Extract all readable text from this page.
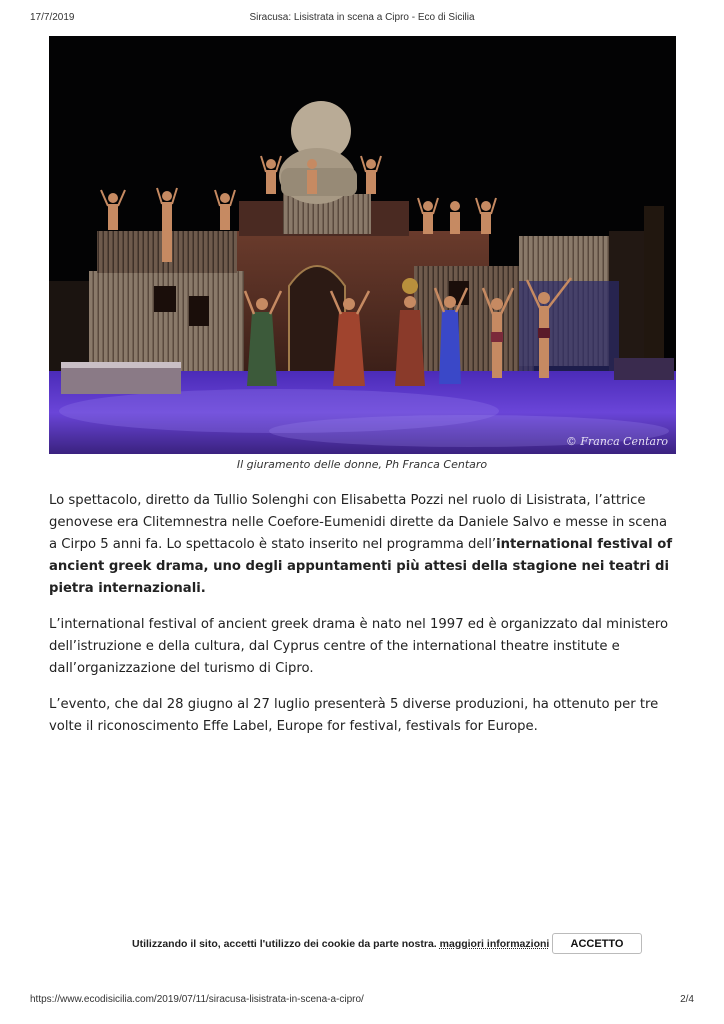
17/7/2019	Siracusa: Lisistrata in scena a Cipro - Eco di Sicilia
© Franca Centaro
Il giuramento delle donne, Ph Franca Centaro

Lo spettacolo, diretto da Tullio Solenghi con Elisabetta Pozzi nel ruolo di Lisistrata, l’attrice genovese era Clitemnestra nelle Coefore-Eumenidi dirette da Daniele Salvo e messe in scena a Cirpo 5 anni fa. Lo spettacolo è stato inserito nel programma dell’international festival of ancient greek drama, uno degli appuntamenti più attesi della stagione nei teatri di pietra internazionali.

L’international festival of ancient greek drama è nato nel 1997 ed è organizzato dal ministero dell’istruzione e della cultura, dal Cyprus centre of the international theatre institute e dall’organizzazione del turismo di Cipro.

L’evento, che dal 28 giugno al 27 luglio presenterà 5 diverse produzioni, ha ottenuto per tre volte il riconoscimento Effe Label, Europe for festival, festivals for Europe.

Utilizzando il sito, accetti l'utilizzo dei cookie da parte nostra. maggiori informazioni	ACCETTO
https://www.ecodisicilia.com/2019/07/11/siracusa-lisistrata-in-scena-a-cipro/	2/4
